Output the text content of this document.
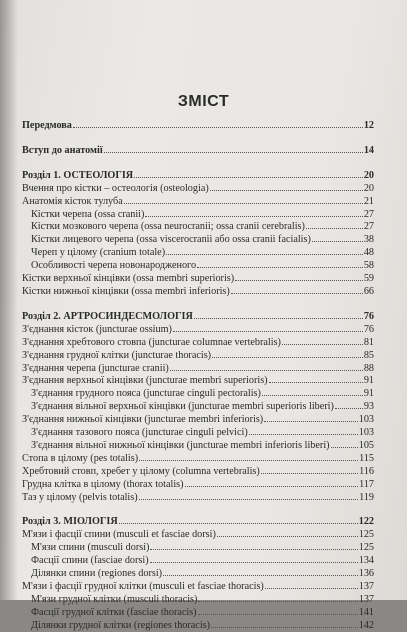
ЗМІСТ
Передмова	12
Вступ до анатомії	14
Розділ 1. ОСТЕОЛОГІЯ	20
Вчення про кістки – остеологія (osteologia)	20
Анатомія кісток тулуба	21
Кістки черепа (ossa cranii)	27
Кістки мозкового черепа (ossa neurocranii; ossa cranii cerebralis)	27
Кістки лицевого черепа (ossa viscerocranii або ossa cranii facialis)	38
Череп у цілому (cranium totale)	48
Особливості черепа новонародженого	58
Кістки верхньої кінцівки (ossa membri superioris)	59
Кістки нижньої кінцівки (ossa membri inferioris)	66
Розділ 2. АРТРОСИНДЕСМОЛОГІЯ	76
З'єднання кісток (juncturae ossium)	76
З'єднання хребтового стовпа (juncturae columnae vertebralis)	81
З'єднання грудної клітки (juncturae thoracis)	85
З'єднання черепа (juncturae cranii)	88
З'єднання верхньої кінцівки (juncturae membri superioris)	91
З'єднання грудного пояса (juncturae cinguli pectoralis)	91
З'єднання вільної верхньої кінцівки (juncturae membri superioris liberi)	93
З'єднання нижньої кінцівки (juncturae membri inferioris)	103
З'єднання тазового пояса (juncturae cinguli pelvici)	103
З'єднання вільної нижньої кінцівки (juncturae membri inferioris liberi)	105
Стопа в цілому (pes totalis)	115
Хребтовий стовп, хребет у цілому (columna vertebralis)	116
Грудна клітка в цілому (thorax totalis)	117
Таз у цілому (pelvis totalis)	119
Розділ 3. МІОЛОГІЯ	122
М'язи і фасції спини (musculi et fasciae dorsi)	125
М'язи спини (musculi dorsi)	125
Фасції спини (fasciae dorsi)	134
Ділянки спини (regiones dorsi)	136
М'язи і фасції грудної клітки (musculi et fasciae thoracis)	137
М'язи грудної клітки (musculi thoracis)	137
Фасції грудної клітки (fasciae thoracis)	141
Ділянки грудної клітки (regiones thoracis)	142
